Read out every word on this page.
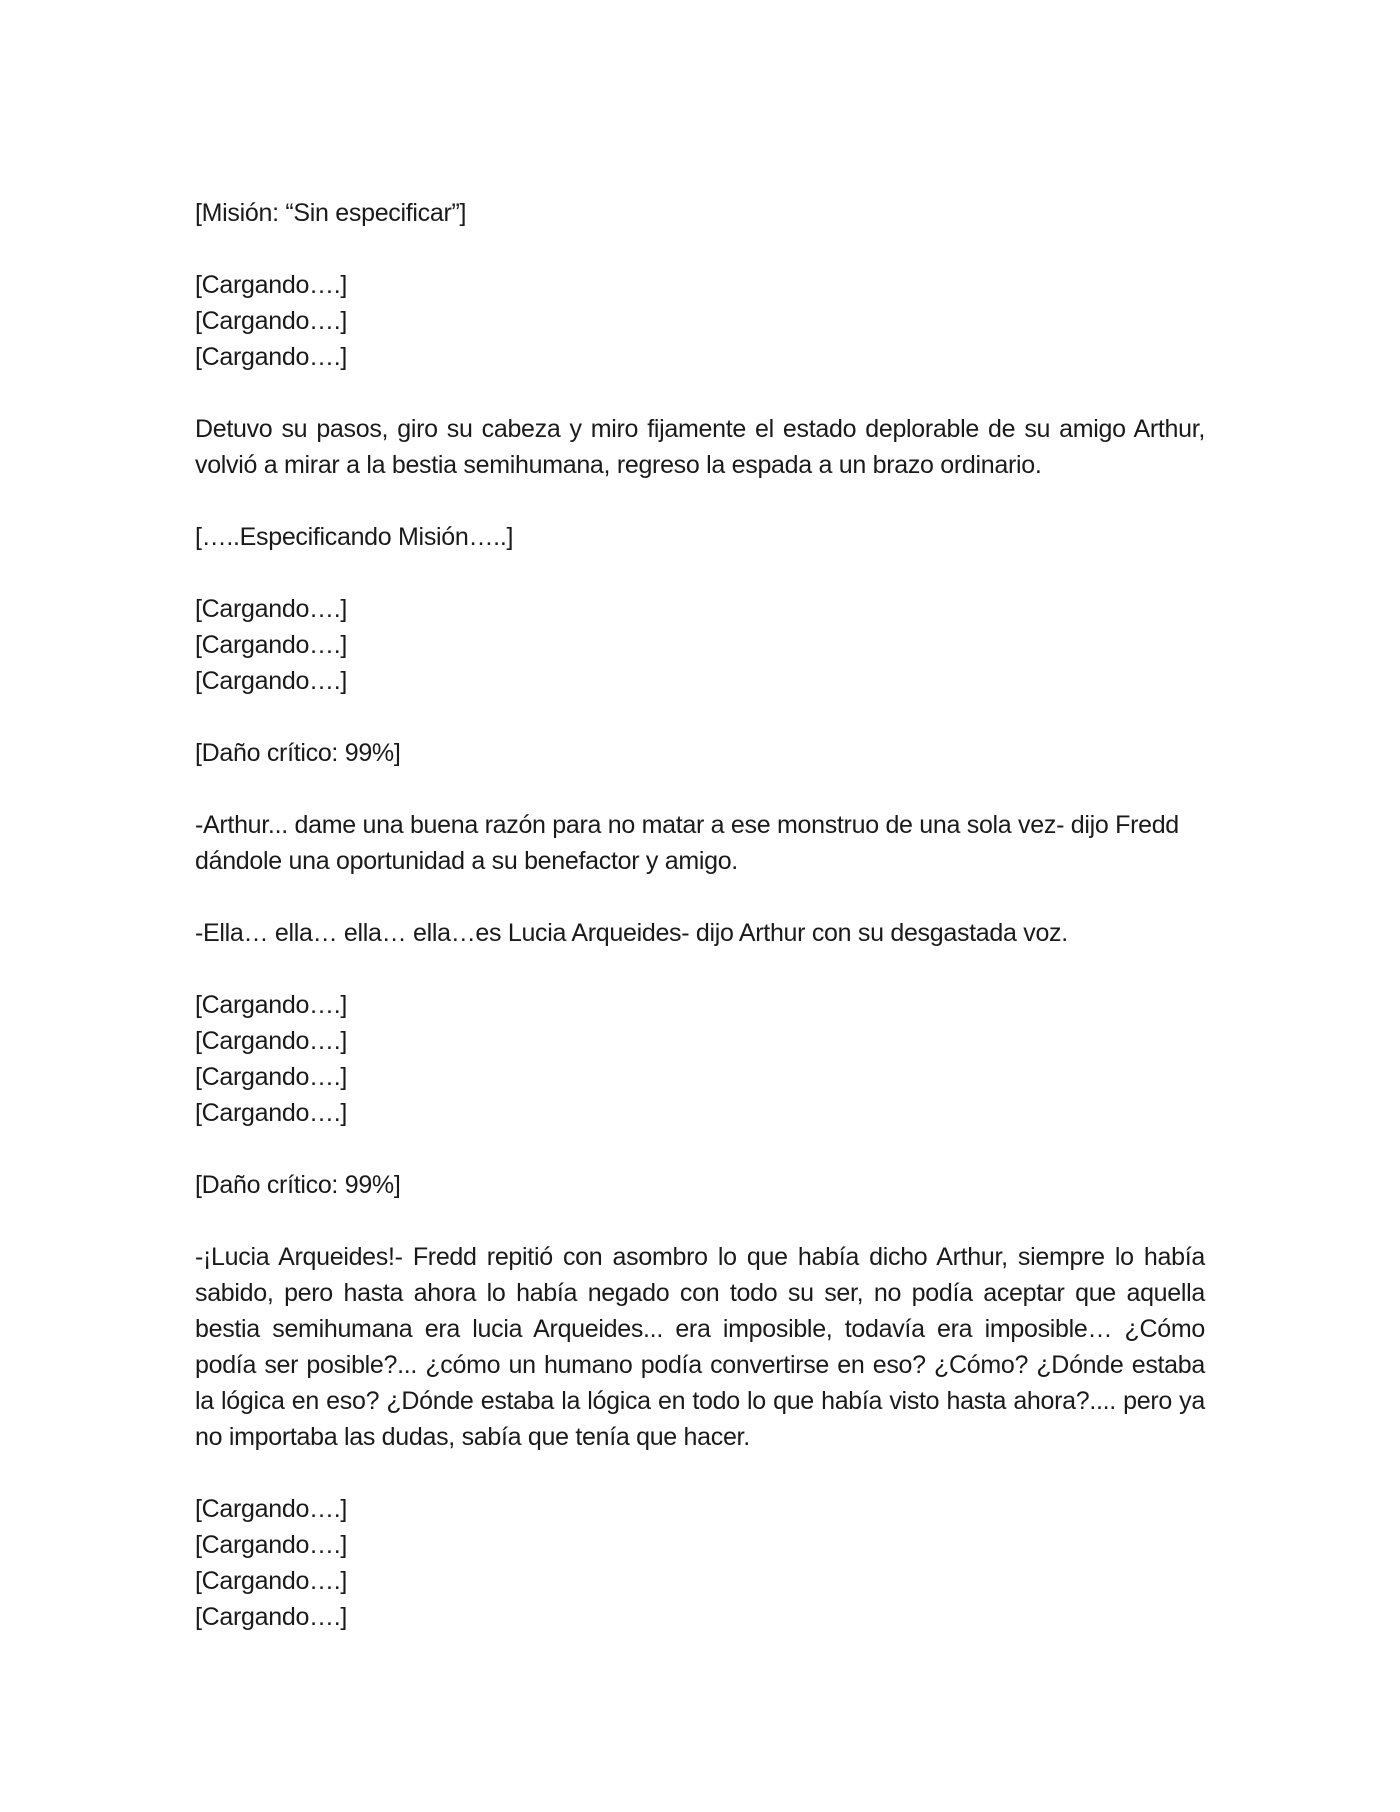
[Misión: “Sin especificar”]

[Cargando….]

[Cargando….]

[Cargando….]

Detuvo su pasos, giro su cabeza y miro fijamente el estado deplorable de su amigo Arthur, volvió a mirar a la bestia semihumana, regreso la espada a un brazo ordinario.

[…..Especificando Misión…..]

[Cargando….]

[Cargando….]

[Cargando….]

[Daño crítico: 99%]

-Arthur... dame una buena razón para no matar a ese monstruo de una sola vez- dijo Fredd dándole una oportunidad a su benefactor y amigo.

-Ella… ella… ella… ella…es Lucia Arqueides- dijo Arthur con su desgastada voz.

[Cargando….]

[Cargando….]

[Cargando….]

[Cargando….]

[Daño crítico: 99%]

-¡Lucia Arqueides!- Fredd repitió con asombro lo que había dicho Arthur, siempre lo había sabido, pero hasta ahora lo había negado con todo su ser, no podía aceptar que aquella bestia semihumana era lucia Arqueides... era imposible, todavía era imposible… ¿Cómo podía ser posible?... ¿cómo un humano podía convertirse en eso? ¿Cómo? ¿Dónde estaba la lógica en eso? ¿Dónde estaba la lógica en todo lo que había visto hasta ahora?.... pero ya no importaba las dudas, sabía que tenía que hacer.

[Cargando….]

[Cargando….]

[Cargando….]

[Cargando….]
